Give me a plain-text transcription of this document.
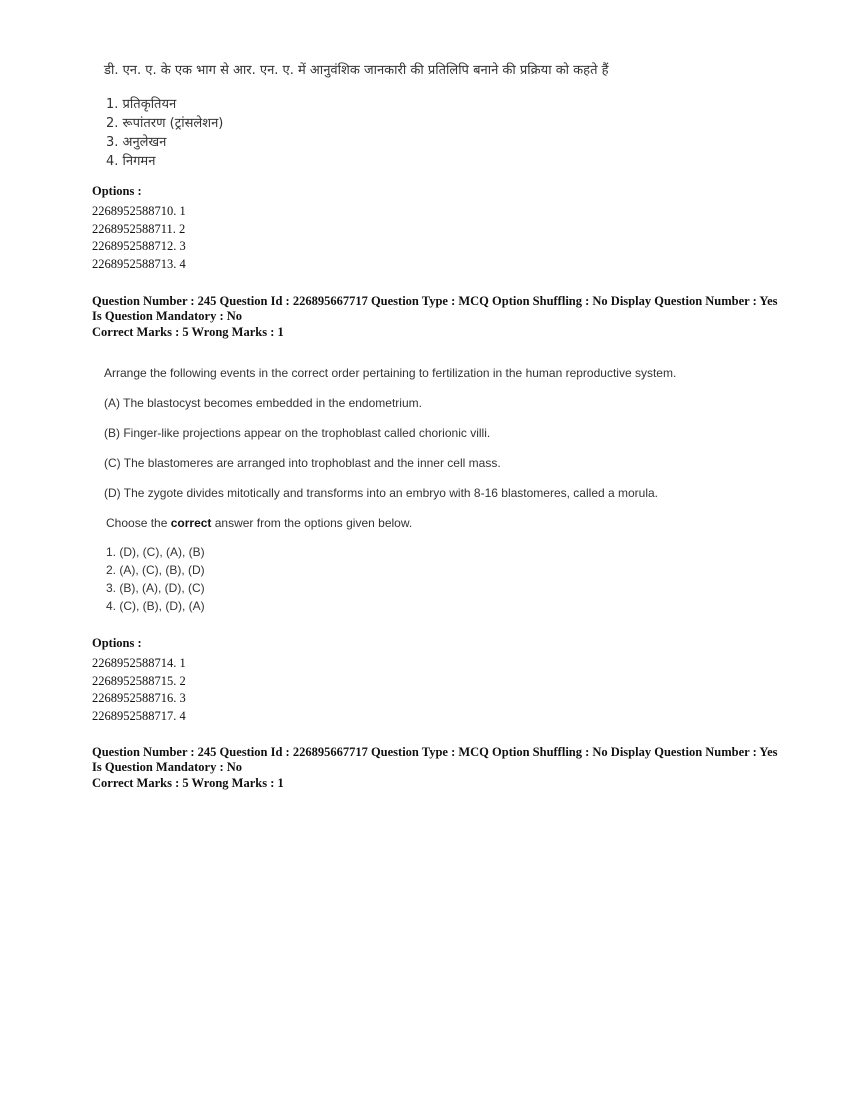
डी. एन. ए. के एक भाग से आर. एन. ए. में आनुवंशिक जानकारी की प्रतिलिपि बनाने की प्रक्रिया को कहते हैं

1. प्रतिकृतियन
2. रूपांतरण (ट्रांसलेशन)
3. अनुलेखन
4. निगमन
Options :
2268952588710. 1
2268952588711. 2
2268952588712. 3
2268952588713. 4
Question Number : 245 Question Id : 226895667717 Question Type : MCQ Option Shuffling : No Display Question Number : Yes Is Question Mandatory : No
Correct Marks : 5 Wrong Marks : 1

Arrange the following events in the correct order pertaining to fertilization in the human reproductive system.

(A) The blastocyst becomes embedded in the endometrium.

(B) Finger-like projections appear on the trophoblast called chorionic villi.

(C) The blastomeres are arranged into trophoblast and the inner cell mass.

(D) The zygote divides mitotically and transforms into an embryo with 8-16 blastomeres, called a morula.

Choose the correct answer from the options given below.

1. (D), (C), (A), (B)
2. (A), (C), (B), (D)
3. (B), (A), (D), (C)
4. (C), (B), (D), (A)
Options :
2268952588714. 1
2268952588715. 2
2268952588716. 3
2268952588717. 4
Question Number : 245 Question Id : 226895667717 Question Type : MCQ Option Shuffling : No Display Question Number : Yes Is Question Mandatory : No
Correct Marks : 5 Wrong Marks : 1
